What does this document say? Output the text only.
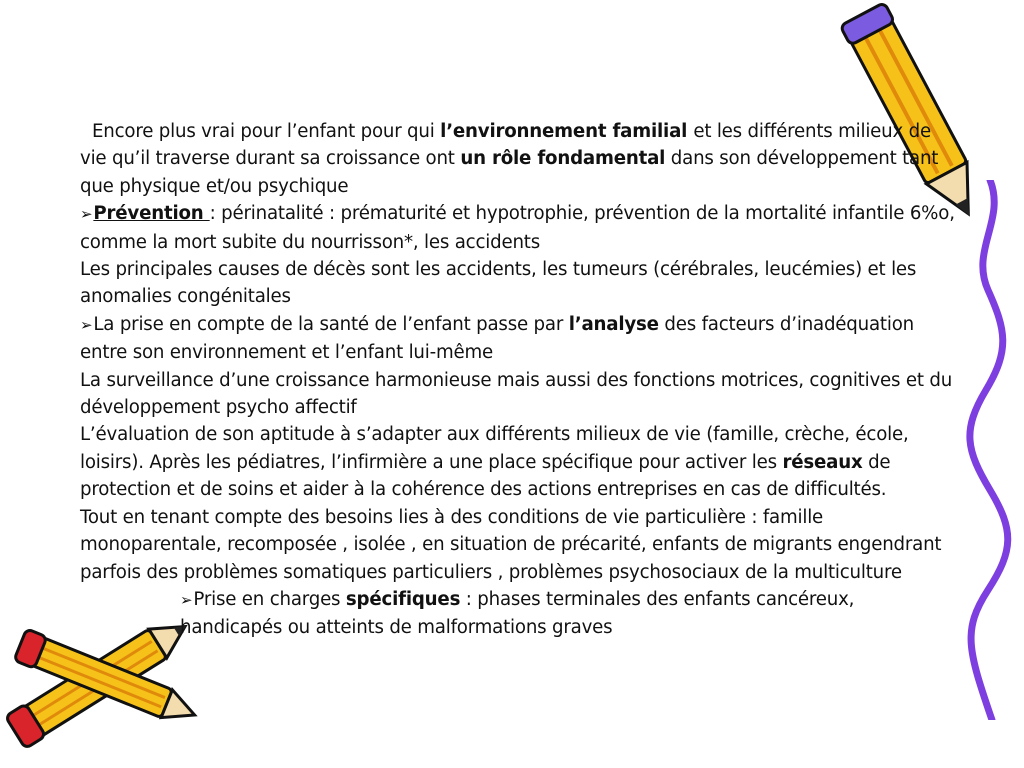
Encore plus vrai pour l’enfant pour qui l’environnement familial et les différents milieux de vie qu’il traverse durant sa croissance ont un rôle fondamental dans son développement tant que physique et/ou psychique

➢Prévention : périnatalité : prématurité et hypotrophie, prévention de la mortalité infantile 6%o, comme la mort subite du nourrisson*, les accidents

Les principales causes de décès sont les accidents, les tumeurs (cérébrales, leucémies) et les anomalies congénitales

➢La prise en compte de la santé de l’enfant passe par l’analyse des facteurs d’inadéquation entre son environnement et l’enfant lui-même

La surveillance d’une croissance harmonieuse mais aussi des fonctions motrices, cognitives et du développement psycho affectif

L’évaluation de son aptitude à s’adapter aux différents milieux de vie (famille, crèche, école, loisirs). Après les pédiatres, l’infirmière a une place spécifique pour activer les réseaux de protection et de soins et aider à la cohérence des actions entreprises en cas de difficultés.

Tout en tenant compte des besoins lies à des conditions de vie particulière : famille monoparentale, recomposée , isolée , en situation de précarité, enfants de migrants engendrant parfois des problèmes somatiques particuliers , problèmes psychosociaux de la multiculture

➢Prise en charges spécifiques : phases terminales des enfants cancéreux, handicapés ou atteints de malformations graves
